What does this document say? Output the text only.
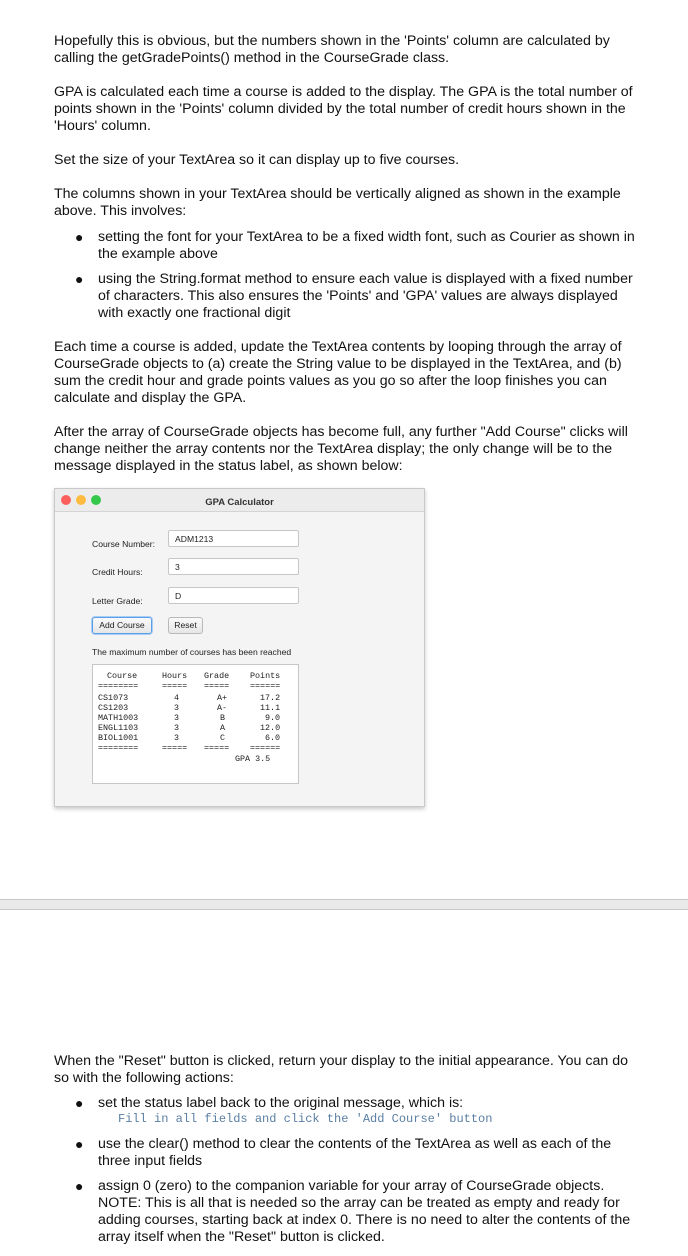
Hopefully this is obvious, but the numbers shown in the 'Points' column are calculated by calling the getGradePoints() method in the CourseGrade class.

GPA is calculated each time a course is added to the display. The GPA is the total number of points shown in the 'Points' column divided by the total number of credit hours shown in the 'Hours' column.

Set the size of your TextArea so it can display up to five courses.

The columns shown in your TextArea should be vertically aligned as shown in the example above. This involves:

● setting the font for your TextArea to be a fixed width font, such as Courier as shown in the example above

● using the String.format method to ensure each value is displayed with a fixed number of characters. This also ensures the 'Points' and 'GPA' values are always displayed with exactly one fractional digit

Each time a course is added, update the TextArea contents by looping through the array of CourseGrade objects to (a) create the String value to be displayed in the TextArea, and (b) sum the credit hour and grade points values as you go so after the loop finishes you can calculate and display the GPA.

After the array of CourseGrade objects has become full, any further "Add Course" clicks will change neither the array contents nor the TextArea display; the only change will be to the message displayed in the status label, as shown below:

GPA Calculator
Course Number:	ADM1213
Credit Hours:	3
Letter Grade:	D
Add Course	Reset
The maximum number of courses has been reached
Course	Hours Grade Points
========	===== ===== ======
CS1073	4	A+	17.2
CS1203	3	A-	11.1
MATH1003	3	B	9.0
ENGL1103	3	A	12.0
BIOL1001	3	C	6.0
========	===== ===== ======
GPA 3.5

When the "Reset" button is clicked, return your display to the initial appearance. You can do so with the following actions:

● set the status label back to the original message, which is:

Fill in all fields and click the 'Add Course' button

● use the clear() method to clear the contents of the TextArea as well as each of the three input fields

● assign 0 (zero) to the companion variable for your array of CourseGrade objects. NOTE: This is all that is needed so the array can be treated as empty and ready for adding courses, starting back at index 0. There is no need to alter the contents of the array itself when the "Reset" button is clicked.
